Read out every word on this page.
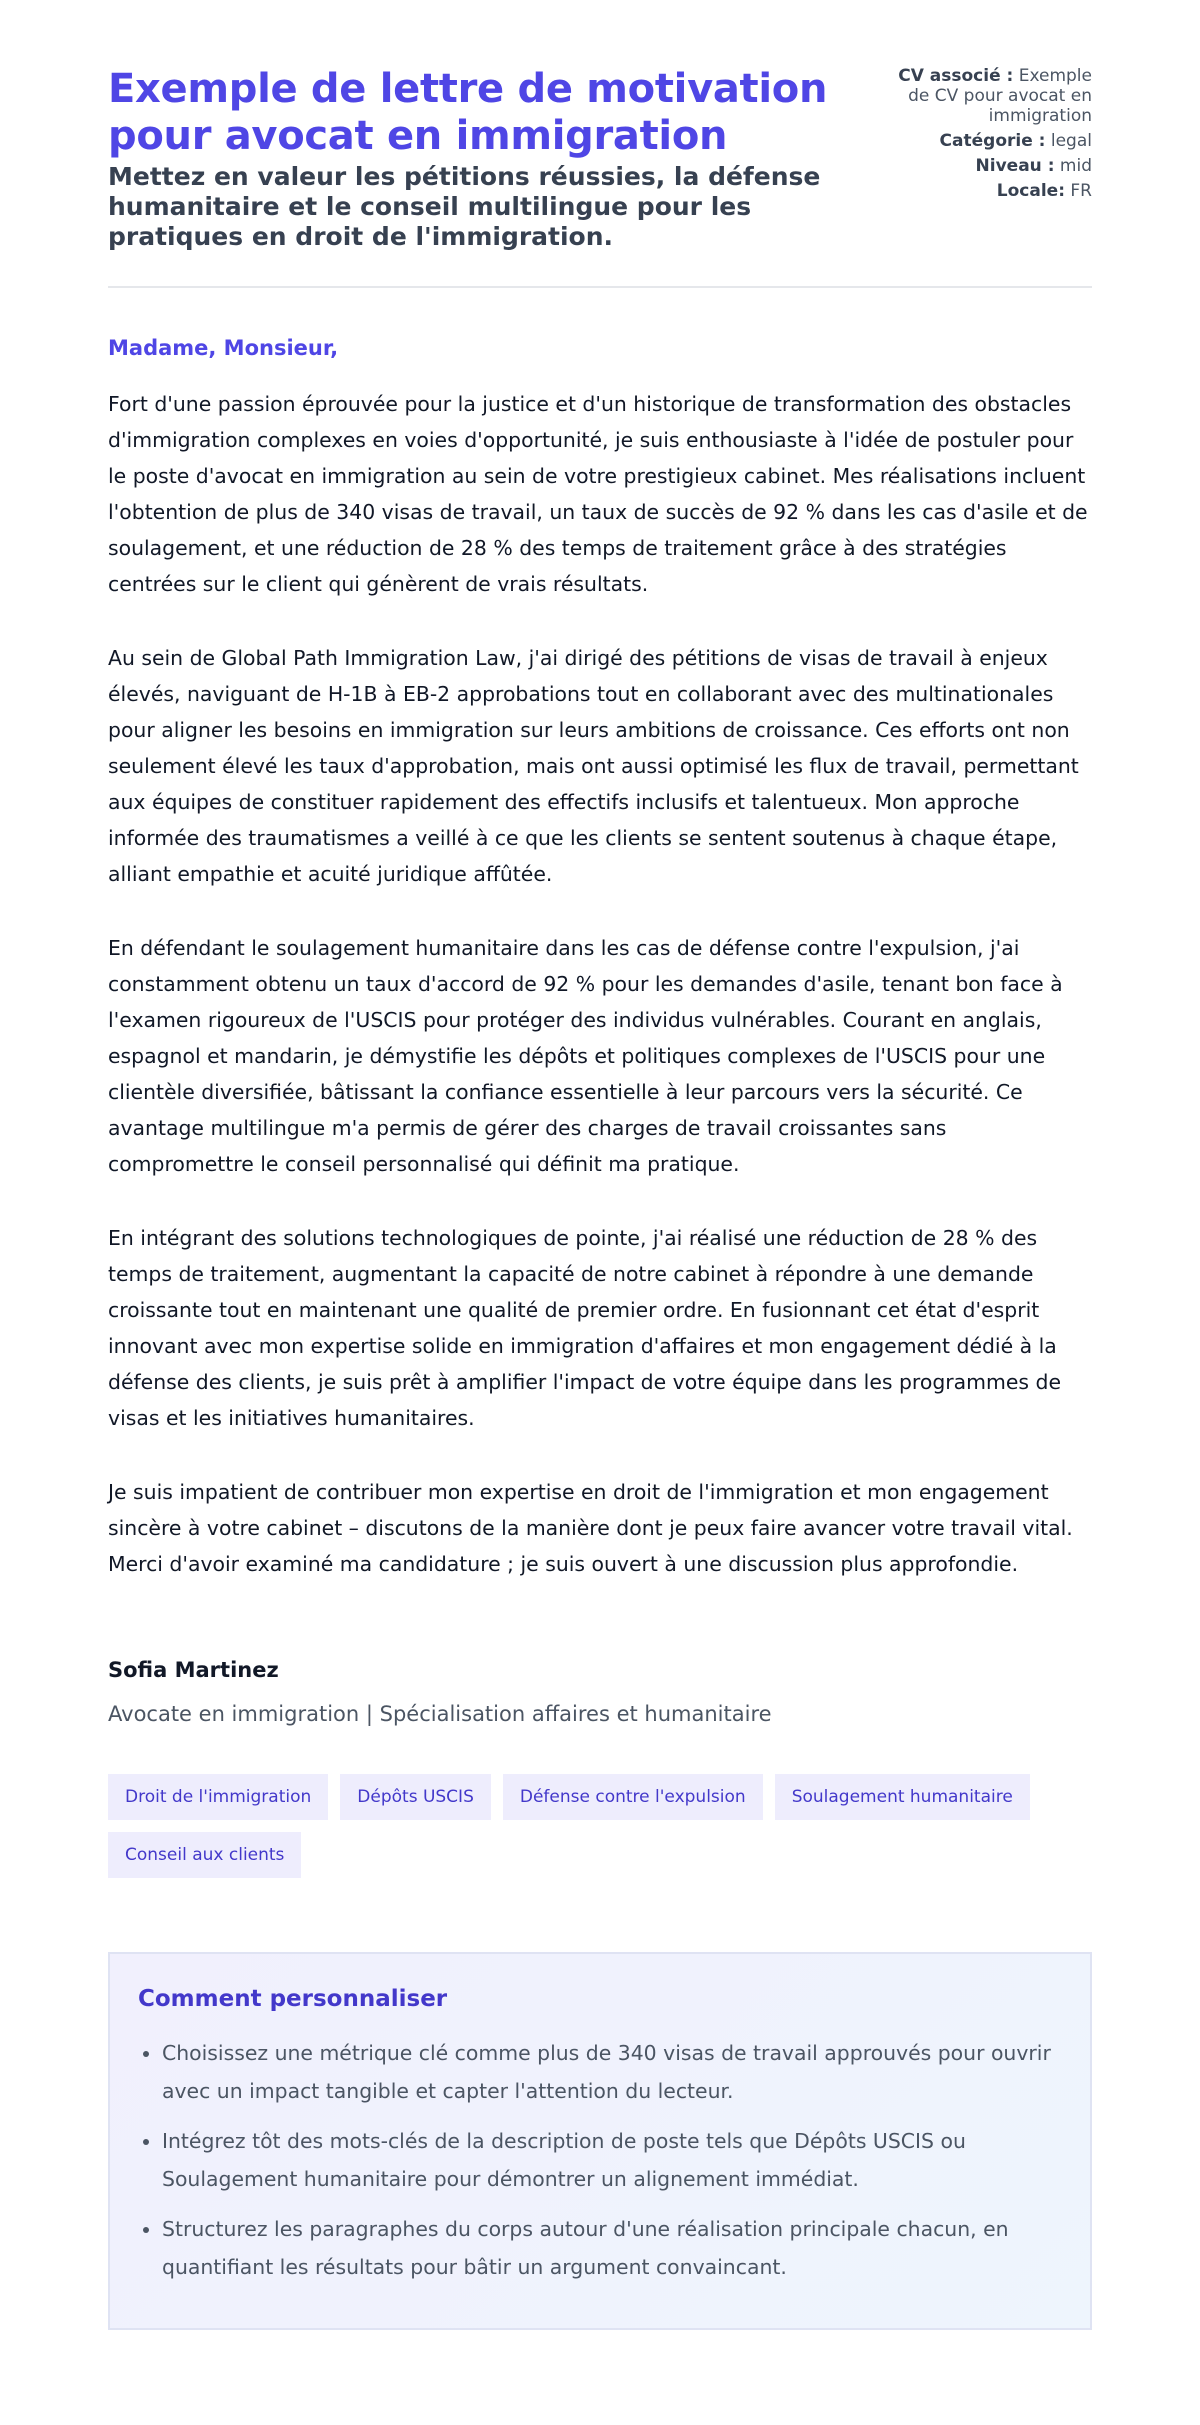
Exemple de lettre de motivation pour avocat en immigration
Mettez en valeur les pétitions réussies, la défense humanitaire et le conseil multilingue pour les pratiques en droit de l'immigration.
CV associé : Exemple de CV pour avocat en immigration
Catégorie : legal
Niveau : mid
Locale: FR
Madame, Monsieur,

Fort d'une passion éprouvée pour la justice et d'un historique de transformation des obstacles d'immigration complexes en voies d'opportunité, je suis enthousiaste à l'idée de postuler pour le poste d'avocat en immigration au sein de votre prestigieux cabinet. Mes réalisations incluent l'obtention de plus de 340 visas de travail, un taux de succès de 92 % dans les cas d'asile et de soulagement, et une réduction de 28 % des temps de traitement grâce à des stratégies centrées sur le client qui génèrent de vrais résultats.

Au sein de Global Path Immigration Law, j'ai dirigé des pétitions de visas de travail à enjeux élevés, naviguant de H-1B à EB-2 approbations tout en collaborant avec des multinationales pour aligner les besoins en immigration sur leurs ambitions de croissance. Ces efforts ont non seulement élevé les taux d'approbation, mais ont aussi optimisé les flux de travail, permettant aux équipes de constituer rapidement des effectifs inclusifs et talentueux. Mon approche informée des traumatismes a veillé à ce que les clients se sentent soutenus à chaque étape, alliant empathie et acuité juridique affûtée.

En défendant le soulagement humanitaire dans les cas de défense contre l'expulsion, j'ai constamment obtenu un taux d'accord de 92 % pour les demandes d'asile, tenant bon face à l'examen rigoureux de l'USCIS pour protéger des individus vulnérables. Courant en anglais, espagnol et mandarin, je démystifie les dépôts et politiques complexes de l'USCIS pour une clientèle diversifiée, bâtissant la confiance essentielle à leur parcours vers la sécurité. Ce avantage multilingue m'a permis de gérer des charges de travail croissantes sans compromettre le conseil personnalisé qui définit ma pratique.

En intégrant des solutions technologiques de pointe, j'ai réalisé une réduction de 28 % des temps de traitement, augmentant la capacité de notre cabinet à répondre à une demande croissante tout en maintenant une qualité de premier ordre. En fusionnant cet état d'esprit innovant avec mon expertise solide en immigration d'affaires et mon engagement dédié à la défense des clients, je suis prêt à amplifier l'impact de votre équipe dans les programmes de visas et les initiatives humanitaires.

Je suis impatient de contribuer mon expertise en droit de l'immigration et mon engagement sincère à votre cabinet – discutons de la manière dont je peux faire avancer votre travail vital. Merci d'avoir examiné ma candidature ; je suis ouvert à une discussion plus approfondie.

Sofia Martinez
Avocate en immigration | Spécialisation affaires et humanitaire
Droit de l'immigration	Dépôts USCIS	Défense contre l'expulsion	Soulagement humanitaire
Conseil aux clients
Comment personnaliser
• Choisissez une métrique clé comme plus de 340 visas de travail approuvés pour ouvrir avec un impact tangible et capter l'attention du lecteur.
• Intégrez tôt des mots-clés de la description de poste tels que Dépôts USCIS ou Soulagement humanitaire pour démontrer un alignement immédiat.
• Structurez les paragraphes du corps autour d'une réalisation principale chacun, en quantifiant les résultats pour bâtir un argument convaincant.
